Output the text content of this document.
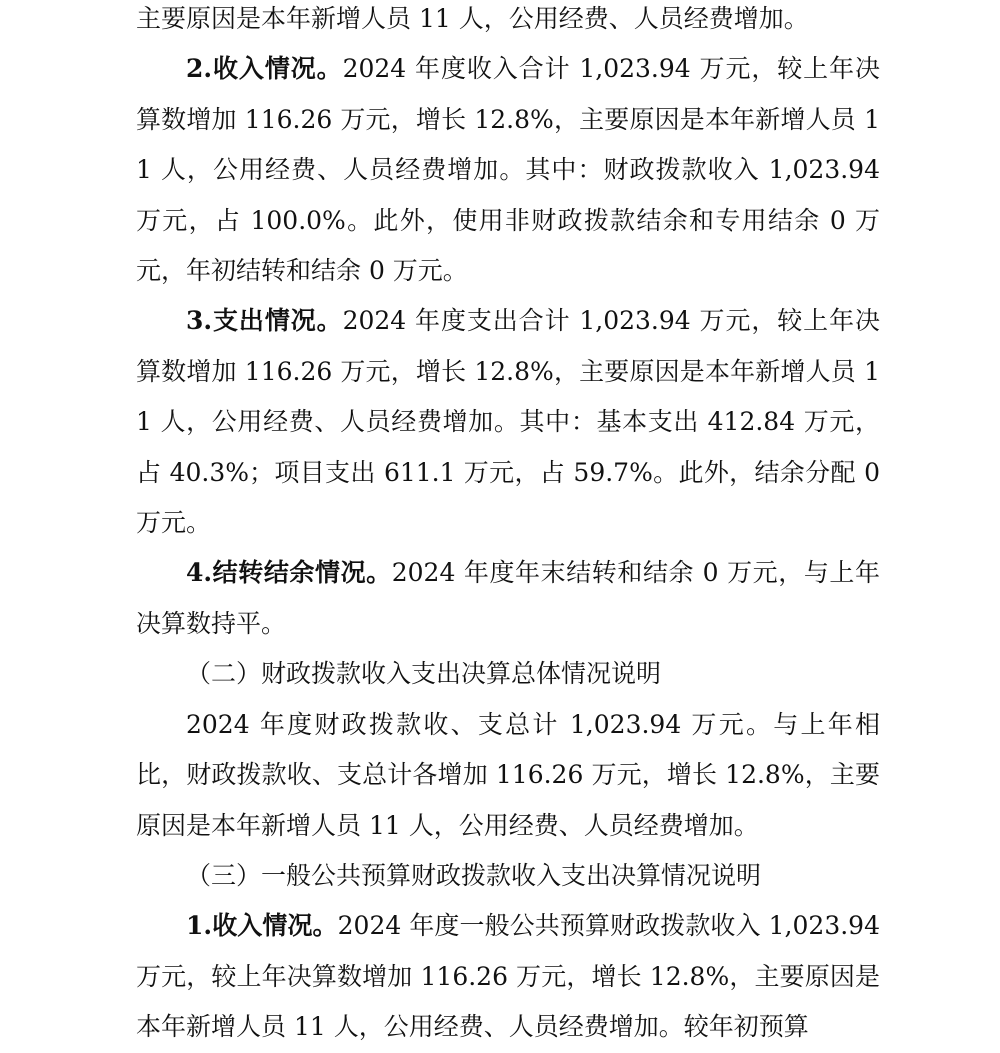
主要原因是本年新增人员 11 人，公用经费、人员经费增加。

2.收入情况。2024 年度收入合计 1,023.94 万元，较上年决算数增加 116.26 万元，增长 12.8%，主要原因是本年新增人员 11 人，公用经费、人员经费增加。其中：财政拨款收入 1,023.94 万元，占 100.0%。此外，使用非财政拨款结余和专用结余 0 万元，年初结转和结余 0 万元。

3.支出情况。2024 年度支出合计 1,023.94 万元，较上年决算数增加 116.26 万元，增长 12.8%，主要原因是本年新增人员 11 人，公用经费、人员经费增加。其中：基本支出 412.84 万元，占 40.3%；项目支出 611.1 万元，占 59.7%。此外，结余分配 0 万元。

4.结转结余情况。2024 年度年末结转和结余 0 万元，与上年决算数持平。

（二）财政拨款收入支出决算总体情况说明

2024 年度财政拨款收、支总计 1,023.94 万元。与上年相比，财政拨款收、支总计各增加 116.26 万元，增长 12.8%，主要原因是本年新增人员 11 人，公用经费、人员经费增加。

（三）一般公共预算财政拨款收入支出决算情况说明

1.收入情况。2024 年度一般公共预算财政拨款收入 1,023.94 万元，较上年决算数增加 116.26 万元，增长 12.8%，主要原因是本年新增人员 11 人，公用经费、人员经费增加。较年初预算
